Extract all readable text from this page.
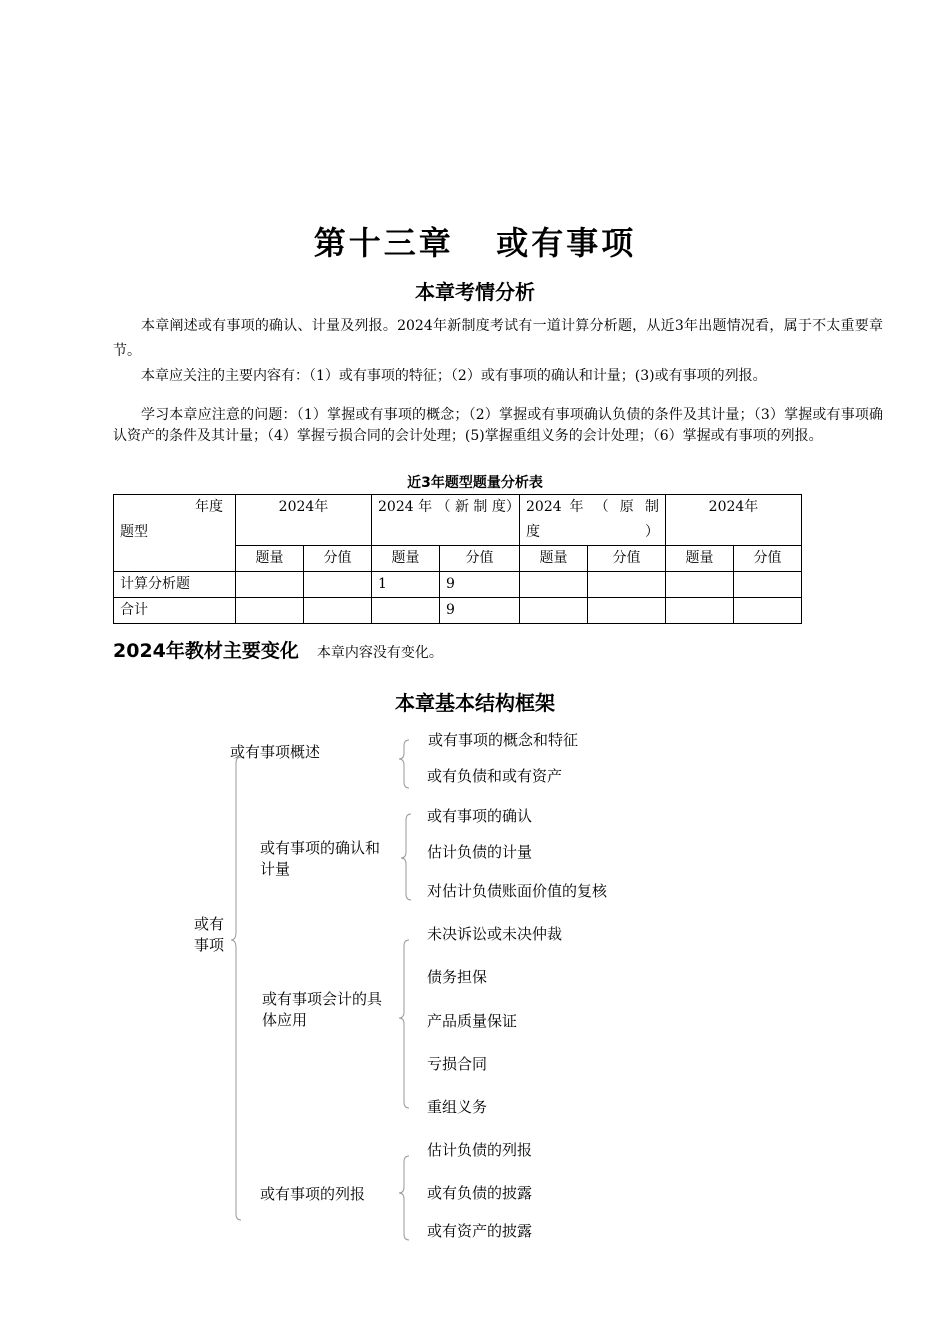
第十三章   或有事项
本章考情分析
本章阐述或有事项的确认、计量及列报。2024年新制度考试有一道计算分析题，从近3年出题情况看，属于不太重要章节。
本章应关注的主要内容有：（1）或有事项的特征；（2）或有事项的确认和计量；(3)或有事项的列报。
学习本章应注意的问题：（1）掌握或有事项的概念；（2）掌握或有事项确认负债的条件及其计量；（3）掌握或有事项确认资产的条件及其计量；（4）掌握亏损合同的会计处理；(5)掌握重组义务的会计处理；（6）掌握或有事项的列报。
近3年题型题量分析表
年度
题型	2024年		2024 年 （ 新 制 度）		2024 年 （ 原 制 度）		2024年	
	题量	分值	题量	分值	题量	分值	题量	分值
计算分析题			1	9				
合计				9				
2024年教材主要变化 本章内容没有变化。
本章基本结构框架
或有事项
或有事项概述
或有事项的确认和计量
或有事项会计的具体应用
或有事项的列报
或有事项的概念和特征
或有负债和或有资产
或有事项的确认
估计负债的计量
对估计负债账面价值的复核
未决诉讼或未决仲裁
债务担保
产品质量保证
亏损合同
重组义务
估计负债的列报
或有负债的披露
或有资产的披露
